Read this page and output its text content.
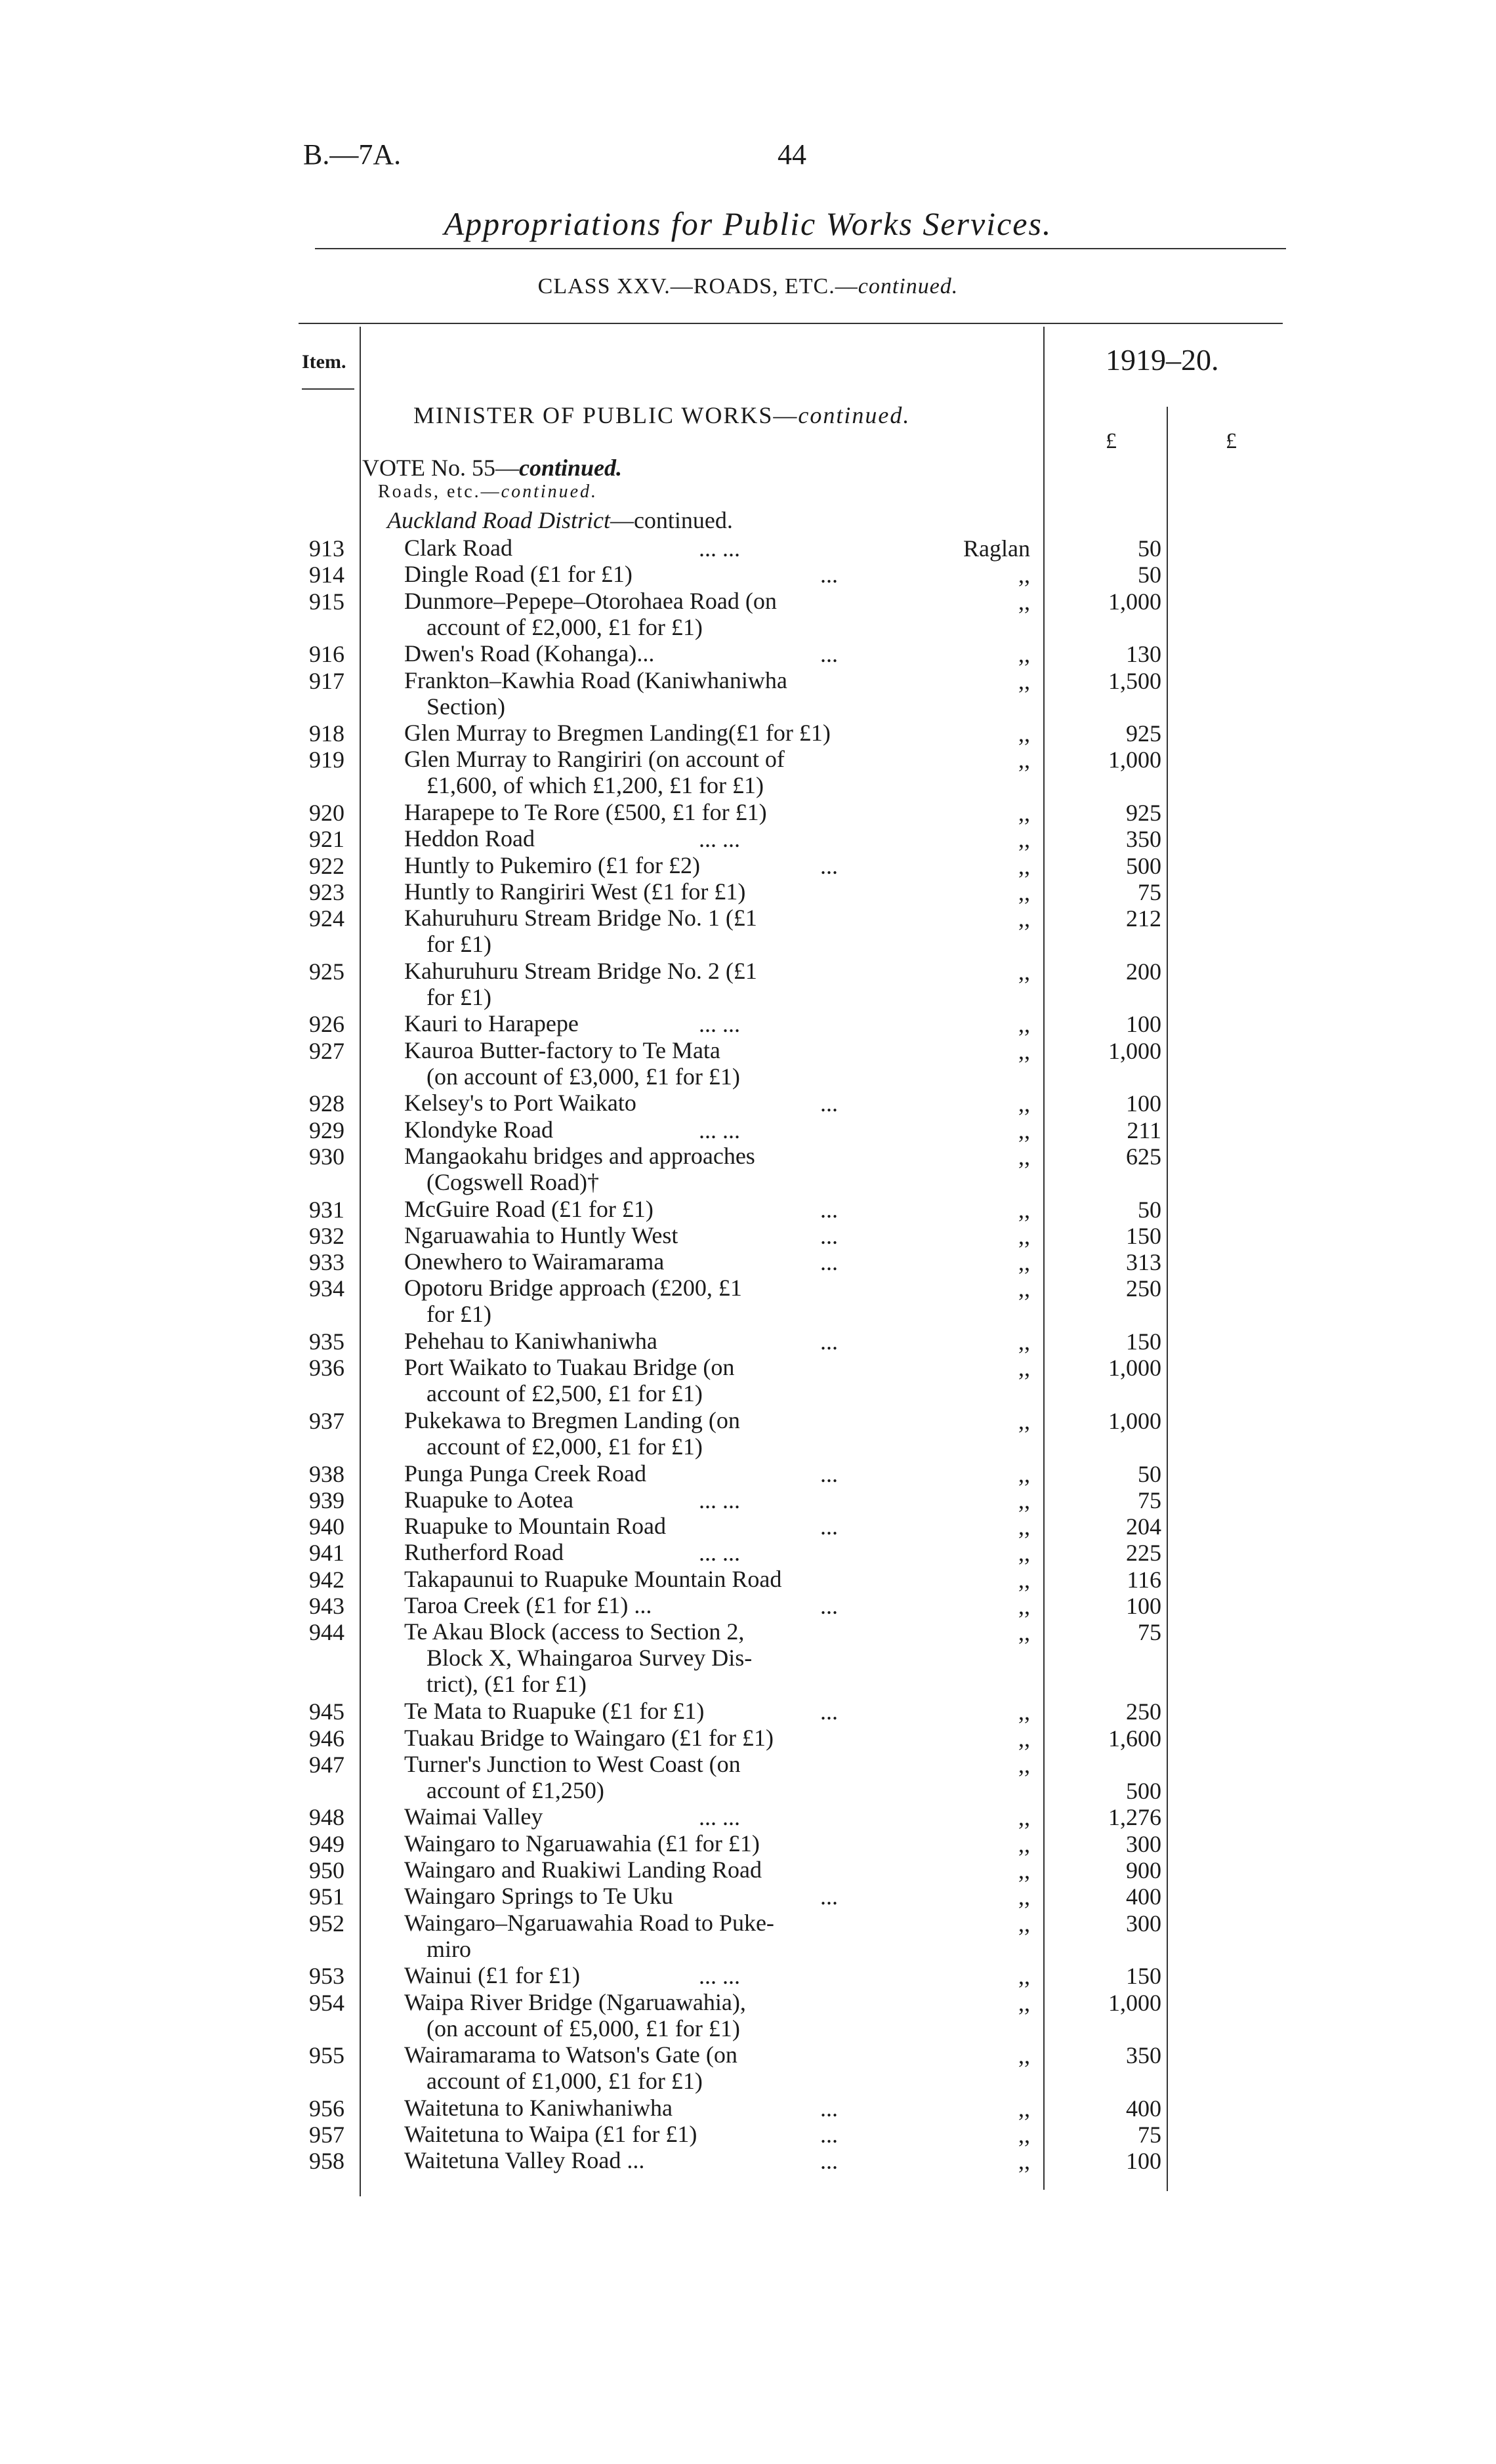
B.—7A.	44
Appropriations for Public Works Services.
CLASS XXV.—ROADS, ETC.—continued.
Item.	1919–20.
MINISTER OF PUBLIC WORKS—continued.
£	£
VOTE No. 55—continued.
Roads, etc.—continued.
Auckland Road District—continued.
913	Clark Road	... ...	Raglan	50
914	Dingle Road (£1 for £1)	...	,,	50
915	Dunmore–Pepepe–Otorohaea Road (on
account of £2,000, £1 for £1)
,,	1,000
916	Dwen's Road (Kohanga)...	...	,,	130
917	Frankton–Kawhia Road (Kaniwhaniwha
Section)
,,	1,500
918	Glen Murray to Bregmen Landing(£1 for £1)	,,	925
919	Glen Murray to Rangiriri (on account of
£1,600, of which £1,200, £1 for £1)
,,	1,000
920	Harapepe to Te Rore (£500, £1 for £1)	,,	925
921	Heddon Road	... ...	,,	350
922	Huntly to Pukemiro (£1 for £2)	...	,,	500
923	Huntly to Rangiriri West (£1 for £1)	,,	75
924	Kahuruhuru Stream Bridge No. 1 (£1
for £1)
,,	212
925	Kahuruhuru Stream Bridge No. 2 (£1
for £1)
,,	200
926	Kauri to Harapepe	... ...	,,	100
927	Kauroa Butter-factory to Te Mata
(on account of £3,000, £1 for £1)
,,	1,000
928	Kelsey's to Port Waikato	...	,,	100
929	Klondyke Road	... ...	,,	211
930	Mangaokahu bridges and approaches
(Cogswell Road)†
,,	625
931	McGuire Road (£1 for £1)	...	,,	50
932	Ngaruawahia to Huntly West	...	,,	150
933	Onewhero to Wairamarama	...	,,	313
934	Opotoru Bridge approach (£200, £1
for £1)
,,	250
935	Pehehau to Kaniwhaniwha	...	,,	150
936	Port Waikato to Tuakau Bridge (on
account of £2,500, £1 for £1)
,,	1,000
937	Pukekawa to Bregmen Landing (on
account of £2,000, £1 for £1)
,,	1,000
938	Punga Punga Creek Road	...	,,	50
939	Ruapuke to Aotea	... ...	,,	75
940	Ruapuke to Mountain Road	...	,,	204
941	Rutherford Road	... ...	,,	225
942	Takapaunui to Ruapuke Mountain Road	,,	116
943	Taroa Creek (£1 for £1) ...	...	,,	100
944	Te Akau Block (access to Section 2,
Block X, Whaingaroa Survey Dis-
trict), (£1 for £1)
,,	75
945	Te Mata to Ruapuke (£1 for £1)	...	,,	250
946	Tuakau Bridge to Waingaro (£1 for £1)	,,	1,600
947	Turner's Junction to West Coast (on
account of £1,250)
,,
500
948	Waimai Valley	... ...	,,	1,276
949	Waingaro to Ngaruawahia (£1 for £1)	,,	300
950	Waingaro and Ruakiwi Landing Road	,,	900
951	Waingaro Springs to Te Uku	...	,,	400
952	Waingaro–Ngaruawahia Road to Puke-
miro
,,	300
953	Wainui (£1 for £1)	... ...	,,	150
954	Waipa River Bridge (Ngaruawahia),
(on account of £5,000, £1 for £1)
,,	1,000
955	Wairamarama to Watson's Gate (on
account of £1,000, £1 for £1)
,,	350
956	Waitetuna to Kaniwhaniwha	...	,,	400
957	Waitetuna to Waipa (£1 for £1)	...	,,	75
958	Waitetuna Valley Road ...	...	,,	100
